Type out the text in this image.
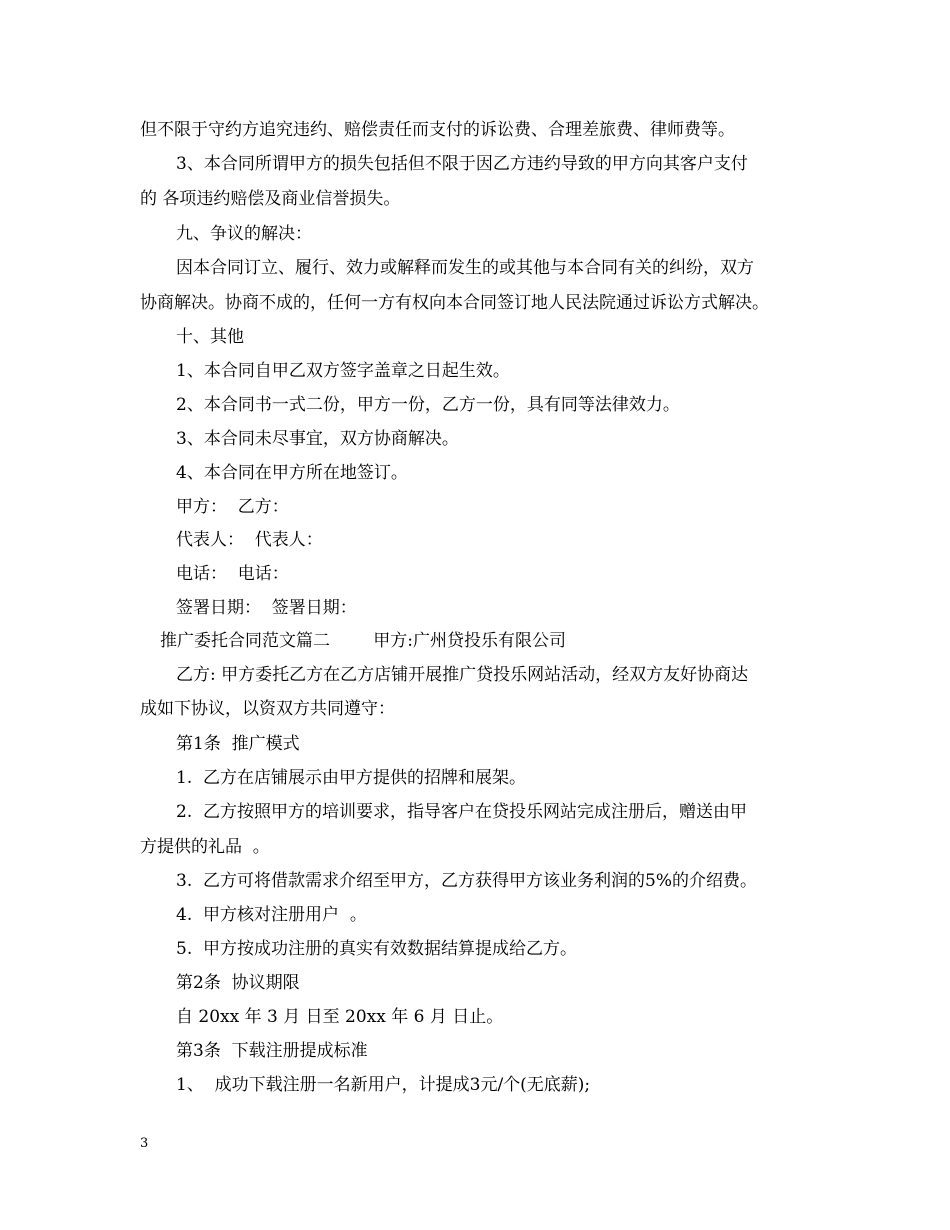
但不限于守约方追究违约、赔偿责任而支付的诉讼费、合理差旅费、律师费等。
3、本合同所谓甲方的损失包括但不限于因乙方违约导致的甲方向其客户支付
的 各项违约赔偿及商业信誉损失。
九、争议的解决：
因本合同订立、履行、效力或解释而发生的或其他与本合同有关的纠纷，双方
协商解决。协商不成的，任何一方有权向本合同签订地人民法院通过诉讼方式解决。
十、其他
1、本合同自甲乙双方签字盖章之日起生效。
2、本合同书一式二份，甲方一份，乙方一份，具有同等法律效力。
3、本合同未尽事宜，双方协商解决。
4、本合同在甲方所在地签订。
甲方：  乙方：
代表人：  代表人：
电话：  电话：
签署日期：  签署日期：
推广委托合同范文篇二        甲方:广州贷投乐有限公司
乙方: 甲方委托乙方在乙方店铺开展推广贷投乐网站活动，经双方友好协商达
成如下协议，以资双方共同遵守：
第1条  推广模式
1.  乙方在店铺展示由甲方提供的招牌和展架。
2.  乙方按照甲方的培训要求，指导客户在贷投乐网站完成注册后，赠送由甲
方提供的礼品  。
3.  乙方可将借款需求介绍至甲方，乙方获得甲方该业务利润的5%的介绍费。
4.  甲方核对注册用户  。
5.  甲方按成功注册的真实有效数据结算提成给乙方。
第2条  协议期限
自 20xx 年 3 月 日至 20xx 年 6 月 日止。
第3条  下载注册提成标准
1、  成功下载注册一名新用户，计提成3元/个(无底薪);
3
